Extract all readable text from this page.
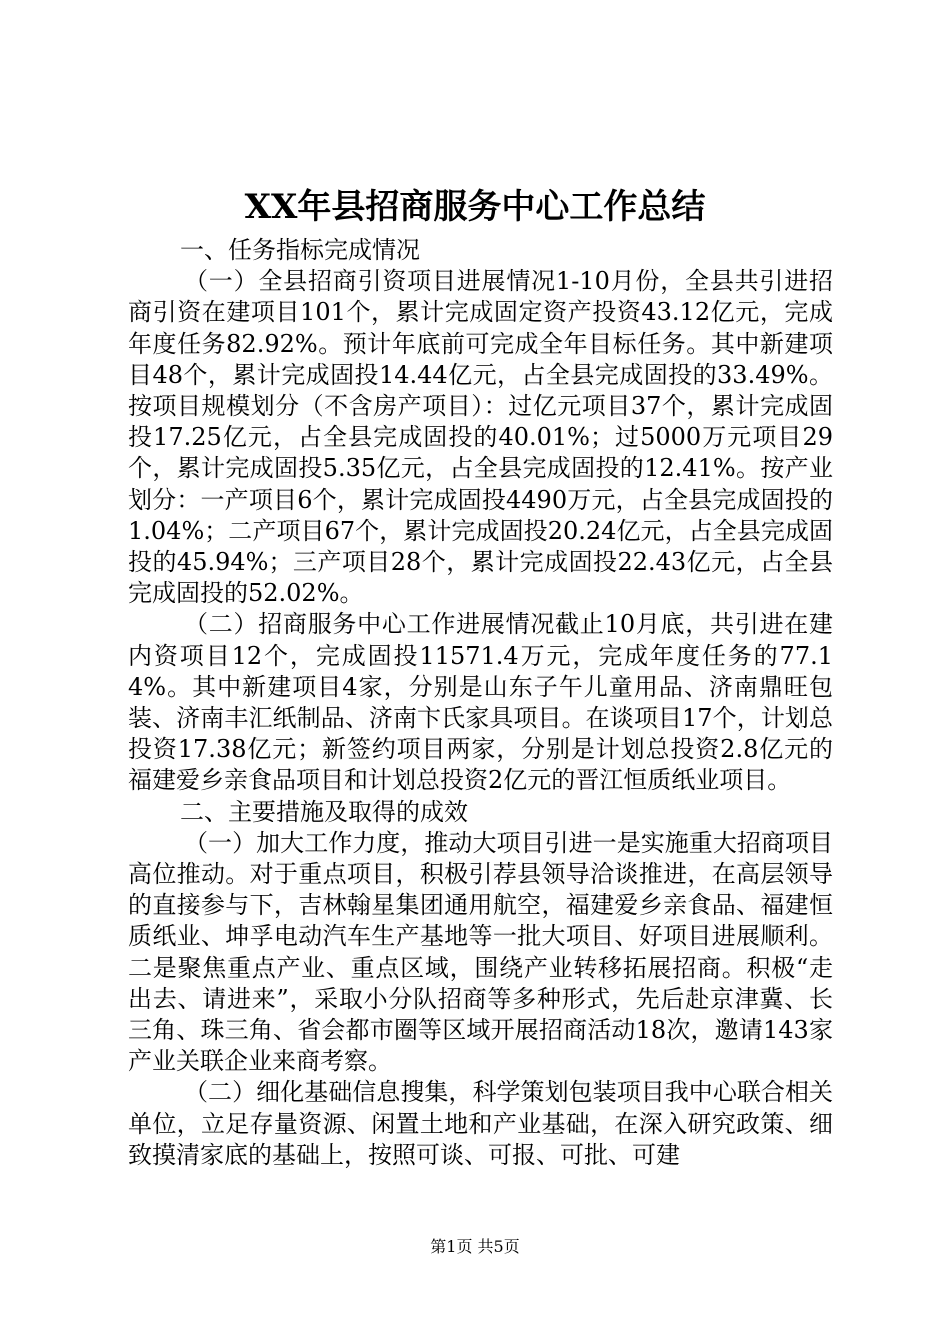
XX年县招商服务中心工作总结

一、任务指标完成情况

（一）全县招商引资项目进展情况1-10月份，全县共引进招商引资在建项目101个，累计完成固定资产投资43.12亿元，完成年度任务82.92%。预计年底前可完成全年目标任务。其中新建项目48个，累计完成固投14.44亿元，占全县完成固投的33.49%。按项目规模划分（不含房产项目）：过亿元项目37个，累计完成固投17.25亿元，占全县完成固投的40.01%；过5000万元项目29个，累计完成固投5.35亿元，占全县完成固投的12.41%。按产业划分：一产项目6个，累计完成固投4490万元，占全县完成固投的1.04%；二产项目67个，累计完成固投20.24亿元，占全县完成固投的45.94%；三产项目28个，累计完成固投22.43亿元，占全县完成固投的52.02%。

（二）招商服务中心工作进展情况截止10月底，共引进在建内资项目12个，完成固投11571.4万元，完成年度任务的77.14%。其中新建项目4家，分别是山东子午儿童用品、济南鼎旺包装、济南丰汇纸制品、济南卞氏家具项目。在谈项目17个，计划总投资17.38亿元；新签约项目两家，分别是计划总投资2.8亿元的福建爱乡亲食品项目和计划总投资2亿元的晋江恒质纸业项目。

二、主要措施及取得的成效

（一）加大工作力度，推动大项目引进一是实施重大招商项目高位推动。对于重点项目，积极引荐县领导洽谈推进，在高层领导的直接参与下，吉林翰星集团通用航空，福建爱乡亲食品、福建恒质纸业、坤孚电动汽车生产基地等一批大项目、好项目进展顺利。二是聚焦重点产业、重点区域，围绕产业转移拓展招商。积极“走出去、请进来”，采取小分队招商等多种形式，先后赴京津冀、长三角、珠三角、省会都市圈等区域开展招商活动18次，邀请143家产业关联企业来商考察。

（二）细化基础信息搜集，科学策划包装项目我中心联合相关单位，立足存量资源、闲置土地和产业基础，在深入研究政策、细致摸清家底的基础上，按照可谈、可报、可批、可建

第1页 共5页
